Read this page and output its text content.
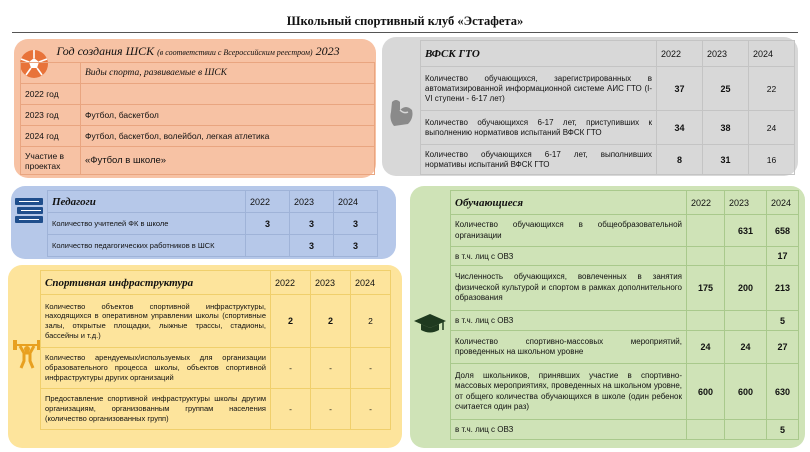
Школьный спортивный клуб «Эстафета»
Год создания ШСК (в соответствии с Всероссийским реестром) 2023	
	Виды спорта, развиваемые в ШСК
2022 год	
2023 год	Футбол, баскетбол
2024 год	Футбол, баскетбол, волейбол, легкая атлетика
Участие в проектах	«Футбол в школе»
ВФСК ГТО	2022	2023	2024
Количество обучающихся, зарегистрированных в автоматизированной информационной системе АИС ГТО (I-VI ступени - 6-17 лет)	37	25	22
Количество обучающихся 6-17 лет, приступивших к выполнению нормативов испытаний ВФСК ГТО	34	38	24
Количество обучающихся 6-17 лет, выполнивших нормативы испытаний ВФСК ГТО	8	31	16
Педагоги	2022	2023	2024
Количество учителей ФК в школе	3	3	3
Количество педагогических работников в ШСК		3	3
Спортивная инфраструктура	2022	2023	2024
Количество объектов спортивной инфраструктуры, находящихся в оперативном управлении школы (спортивные залы, открытые площадки, лыжные трассы, стадионы, бассейны и т.д.)	2	2	2
Количество арендуемых/используемых для организации образовательного процесса школы, объектов спортивной инфраструктуры других организаций	-	-	-
Предоставление спортивной инфраструктуры школы другим организациям, организованным группам населения (количество организованных групп)	-	-	-
Обучающиеся	2022	2023	2024
Количество обучающихся в общеобразовательной организации		631	658
в т.ч. лиц с ОВЗ			17
Численность обучающихся, вовлеченных в занятия физической культурой и спортом в рамках дополнительного образования	175	200	213
в т.ч. лиц с ОВЗ			5
Количество спортивно-массовых мероприятий, проведенных на школьном уровне	24	24	27
Доля школьников, принявших участие в спортивно-массовых мероприятиях, проведенных на школьном уровне, от общего количества обучающихся в школе (один ребенок считается один раз)	600	600	630
в т.ч. лиц с ОВЗ			5
